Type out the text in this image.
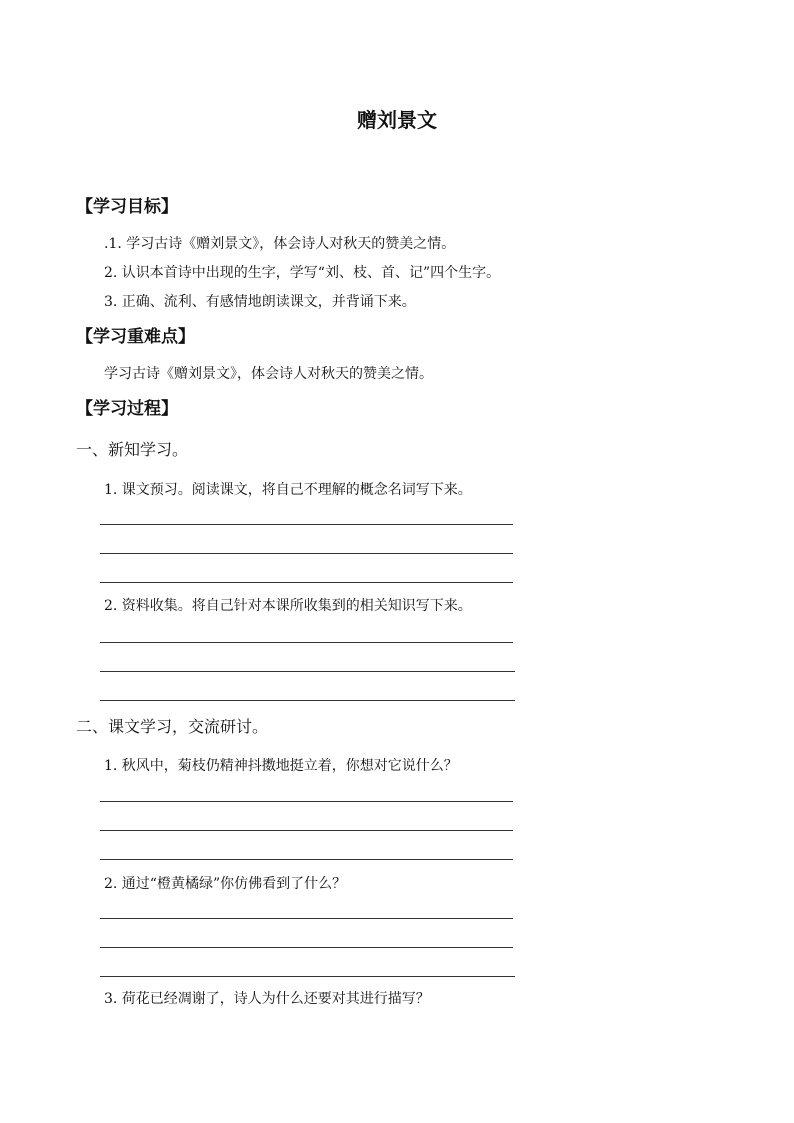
赠刘景文
【学习目标】
.1. 学习古诗《赠刘景文》，体会诗人对秋天的赞美之情。
2. 认识本首诗中出现的生字，学写“刘、枝、首、记”四个生字。
3. 正确、流利、有感情地朗读课文，并背诵下来。
【学习重难点】
学习古诗《赠刘景文》，体会诗人对秋天的赞美之情。
【学习过程】
一、新知学习。
1. 课文预习。阅读课文，将自己不理解的概念名词写下来。
2. 资料收集。将自己针对本课所收集到的相关知识写下来。
二、课文学习，交流研讨。
1. 秋风中，菊枝仍精神抖擞地挺立着，你想对它说什么？
2. 通过“橙黄橘绿”你仿佛看到了什么？
3. 荷花已经凋谢了，诗人为什么还要对其进行描写？
